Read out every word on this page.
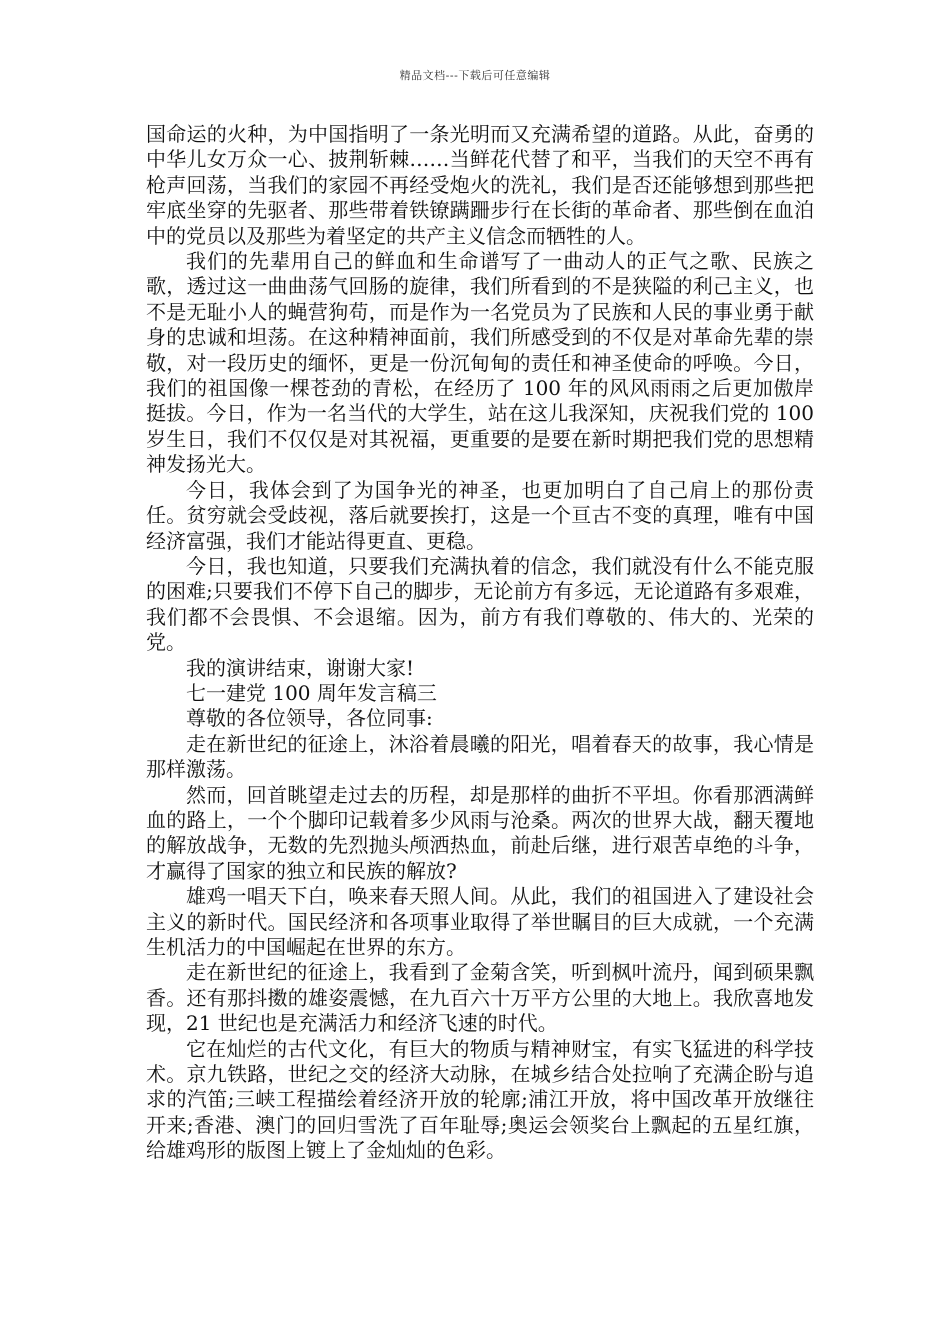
精品文档---下载后可任意编辑

国命运的火种，为中国指明了一条光明而又充满希望的道路。从此，奋勇的中华儿女万众一心、披荆斩棘……当鲜花代替了和平，当我们的天空不再有枪声回荡，当我们的家园不再经受炮火的洗礼，我们是否还能够想到那些把牢底坐穿的先驱者、那些带着铁镣蹒跚步行在长街的革命者、那些倒在血泊中的党员以及那些为着坚定的共产主义信念而牺牲的人。

我们的先辈用自己的鲜血和生命谱写了一曲动人的正气之歌、民族之歌，透过这一曲曲荡气回肠的旋律，我们所看到的不是狭隘的利己主义，也不是无耻小人的蝇营狗苟，而是作为一名党员为了民族和人民的事业勇于献身的忠诚和坦荡。在这种精神面前，我们所感受到的不仅是对革命先辈的崇敬，对一段历史的缅怀，更是一份沉甸甸的责任和神圣使命的呼唤。今日，我们的祖国像一棵苍劲的青松，在经历了 100 年的风风雨雨之后更加傲岸挺拔。今日，作为一名当代的大学生，站在这儿我深知，庆祝我们党的 100 岁生日，我们不仅仅是对其祝福，更重要的是要在新时期把我们党的思想精神发扬光大。

今日，我体会到了为国争光的神圣，也更加明白了自己肩上的那份责任。贫穷就会受歧视，落后就要挨打，这是一个亘古不变的真理，唯有中国经济富强，我们才能站得更直、更稳。

今日，我也知道，只要我们充满执着的信念，我们就没有什么不能克服的困难;只要我们不停下自己的脚步，无论前方有多远，无论道路有多艰难，我们都不会畏惧、不会退缩。因为，前方有我们尊敬的、伟大的、光荣的党。

我的演讲结束，谢谢大家!

七一建党 100 周年发言稿三

尊敬的各位领导，各位同事:

走在新世纪的征途上，沐浴着晨曦的阳光，唱着春天的故事，我心情是那样激荡。

然而，回首眺望走过去的历程，却是那样的曲折不平坦。你看那洒满鲜血的路上，一个个脚印记载着多少风雨与沧桑。两次的世界大战，翻天覆地的解放战争，无数的先烈抛头颅洒热血，前赴后继，进行艰苦卓绝的斗争，才赢得了国家的独立和民族的解放?

雄鸡一唱天下白，唤来春天照人间。从此，我们的祖国进入了建设社会主义的新时代。国民经济和各项事业取得了举世瞩目的巨大成就，一个充满生机活力的中国崛起在世界的东方。

走在新世纪的征途上，我看到了金菊含笑，听到枫叶流丹，闻到硕果飘香。还有那抖擞的雄姿震憾，在九百六十万平方公里的大地上。我欣喜地发现，21 世纪也是充满活力和经济飞速的时代。

它在灿烂的古代文化，有巨大的物质与精神财宝，有实飞猛进的科学技术。京九铁路，世纪之交的经济大动脉，在城乡结合处拉响了充满企盼与追求的汽笛;三峡工程描绘着经济开放的轮廓;浦江开放，将中国改革开放继往开来;香港、澳门的回归雪洗了百年耻辱;奥运会领奖台上飘起的五星红旗，给雄鸡形的版图上镀上了金灿灿的色彩。
